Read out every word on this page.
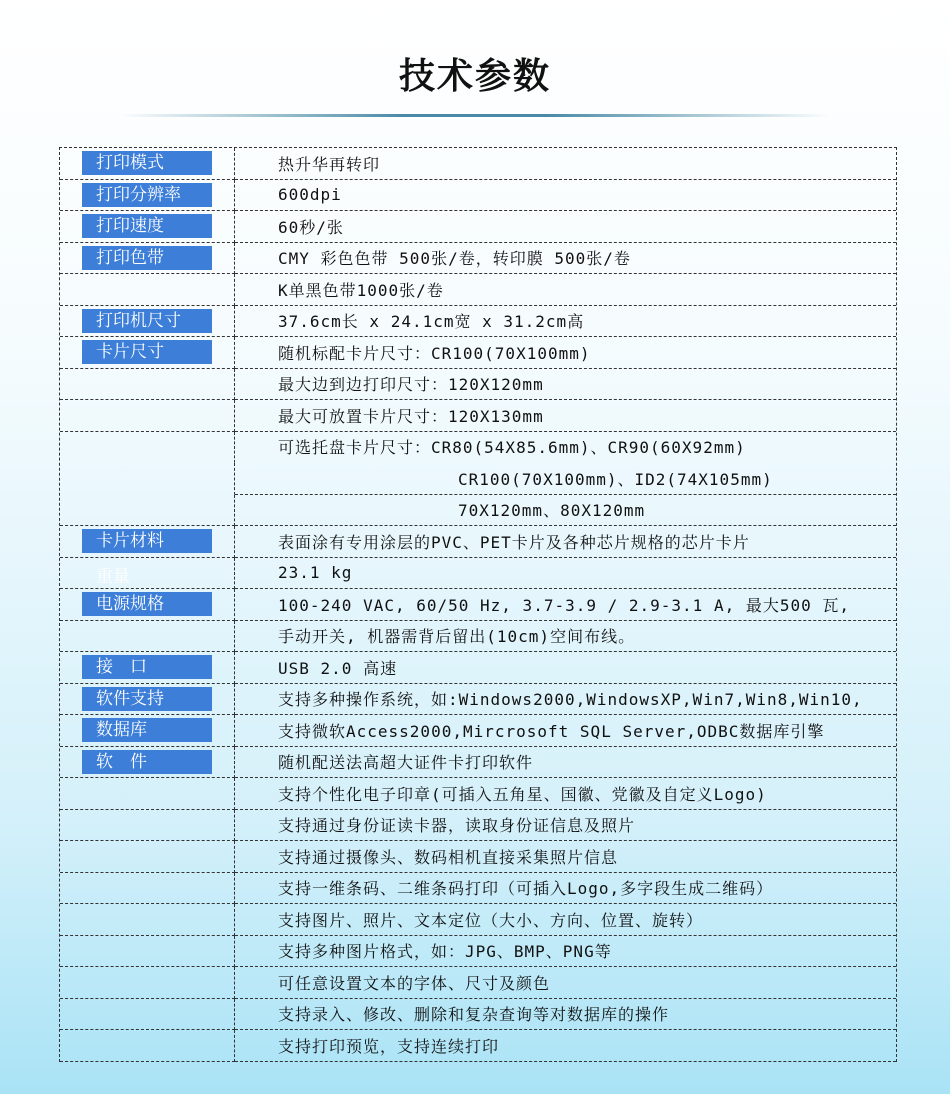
技术参数
打印模式	热升华再转印
打印分辨率	600dpi
打印速度	60秒/张
打印色带	CMY 彩色色带 500张/卷，转印膜 500张/卷
K单黑色带1000张/卷
打印机尺寸	37.6cm长 x 24.1cm宽 x 31.2cm高
卡片尺寸	随机标配卡片尺寸：CR100(70X100mm)
最大边到边打印尺寸：120X120mm
最大可放置卡片尺寸：120X130mm
可选托盘卡片尺寸：CR80(54X85.6mm)、CR90(60X92mm)
CR100(70X100mm)、ID2(74X105mm)
70X120mm、80X120mm
卡片材料	表面涂有专用涂层的PVC、PET卡片及各种芯片规格的芯片卡片
重量	23.1 kg
电源规格	100-240 VAC, 60/50 Hz, 3.7-3.9 / 2.9-3.1 A, 最大500 瓦,
手动开关, 机器需背后留出(10cm)空间布线。
接　口	USB 2.0 高速
软件支持	支持多种操作系统，如:Windows2000,WindowsXP,Win7,Win8,Win10,
数据库	支持微软Access2000,Mircrosoft SQL Server,ODBC数据库引擎
软　件	随机配送法高超大证件卡打印软件
支持个性化电子印章(可插入五角星、国徽、党徽及自定义Logo)
支持通过身份证读卡器，读取身份证信息及照片
支持通过摄像头、数码相机直接采集照片信息
支持一维条码、二维条码打印（可插入Logo,多字段生成二维码）
支持图片、照片、文本定位（大小、方向、位置、旋转）
支持多种图片格式，如：JPG、BMP、PNG等
可任意设置文本的字体、尺寸及颜色
支持录入、修改、删除和复杂查询等对数据库的操作
支持打印预览，支持连续打印
